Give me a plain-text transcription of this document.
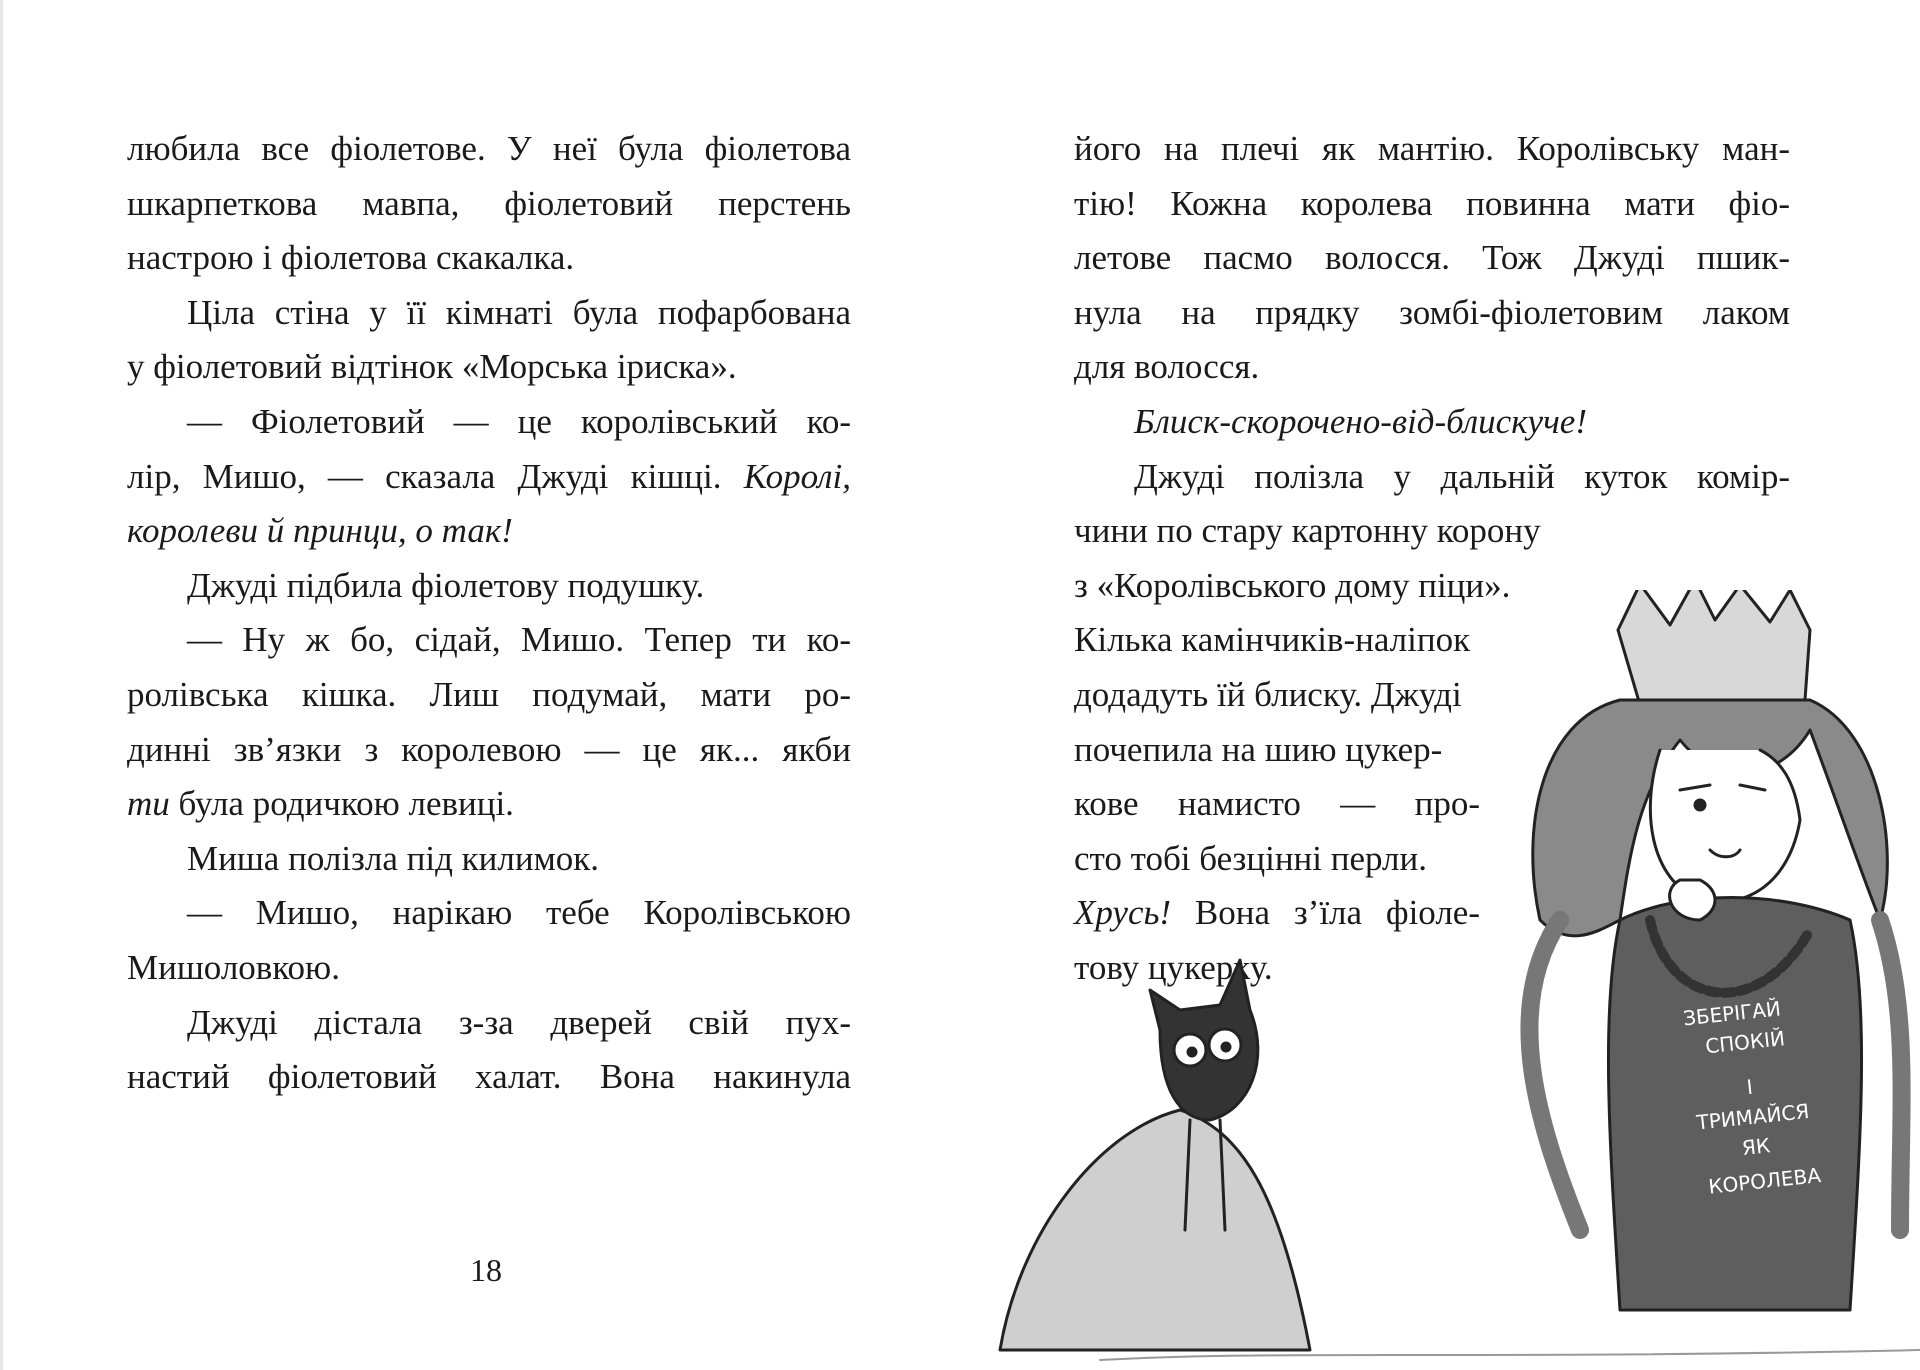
любила все фіолетове. У неї була фіолетова
шкарпеткова мавпа, фіолетовий перстень
настрою і фіолетова скакалка.
Ціла стіна у її кімнаті була пофарбована
у фіолетовий відтінок «Морська іриска».
— Фіолетовий — це королівський ко-
лір, Мишо, — сказала Джуді кішці. Королі,
королеви й принци, о так!
Джуді підбила фіолетову подушку.
— Ну ж бо, сідай, Мишо. Тепер ти ко-
ролівська кішка. Лиш подумай, мати ро-
динні зв’язки з королевою — це як... якби
ти була родичкою левиці.
Миша полізла під килимок.
— Мишо, нарікаю тебе Королівською
Мишоловкою.
Джуді дістала з-за дверей свій пух-
настий фіолетовий халат. Вона накинула
18
його на плечі як мантію. Королівську ман-
тію! Кожна королева повинна мати фіо-
летове пасмо волосся. Тож Джуді пшик-
нула на прядку зомбі-фіолетовим лаком
для волосся.
Блиск-скорочено-від-блискуче!
Джуді полізла у дальній куток комір-
чини по стару картонну корону
з «Королівського дому піци».
Кілька камінчиків-наліпок
додадуть їй блиску. Джуді
почепила на шию цукер-
кове намисто — про-
сто тобі безцінні перли.
Хрусь! Вона з’їла фіоле-
тову цукерку.
ЗБЕРІГАЙ
СПОКІЙ
І
ТРИМАЙСЯ
ЯК
КОРОЛЕВА
